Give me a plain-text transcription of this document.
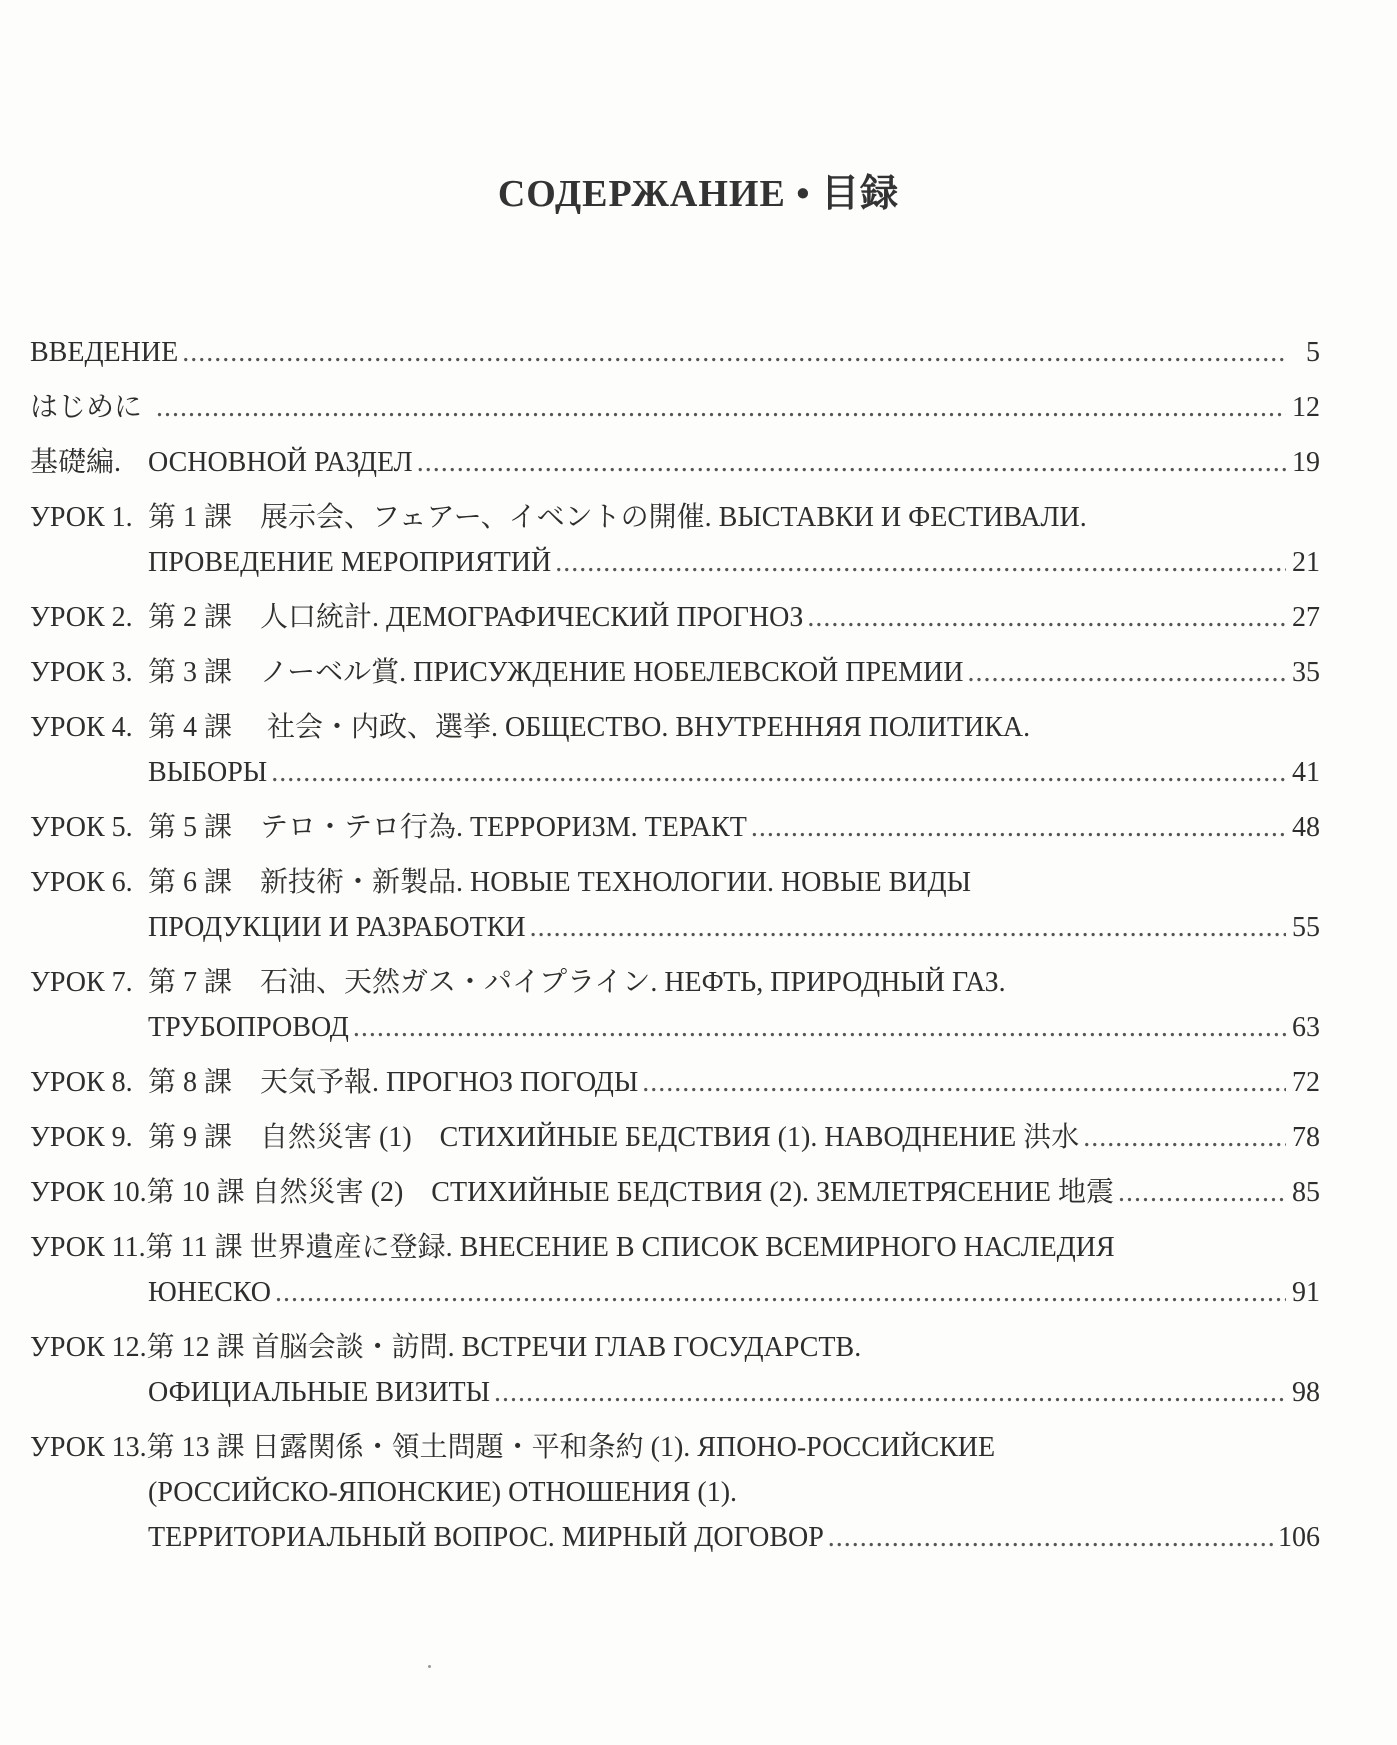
СОДЕРЖАНИЕ • 目録
ВВЕДЕНИЕ .....	5
はじめに .....	12
基礎編. ОСНОВНОЙ РАЗДЕЛ .....	19
УРОК 1. 第 1 課　展示会、フェアー、イベントの開催. ВЫСТАВКИ И ФЕСТИВАЛИ.
ПРОВЕДЕНИЕ МЕРОПРИЯТИЙ .....	21
УРОК 2. 第 2 課　人口統計. ДЕМОГРАФИЧЕСКИЙ ПРОГНОЗ .....	27
УРОК 3. 第 3 課　ノーベル賞. ПРИСУЖДЕНИЕ НОБЕЛЕВСКОЙ ПРЕМИИ .....	35
УРОК 4. 第 4 課　 社会・内政、選挙. ОБЩЕСТВО. ВНУТРЕННЯЯ ПОЛИТИКА.
ВЫБОРЫ .....	41
УРОК 5. 第 5 課　テロ・テロ行為. ТЕРРОРИЗМ. ТЕРАКТ .....	48
УРОК 6. 第 6 課　新技術・新製品. НОВЫЕ ТЕХНОЛОГИИ. НОВЫЕ ВИДЫ
ПРОДУКЦИИ И РАЗРАБОТКИ .....	55
УРОК 7. 第 7 課　石油、天然ガス・パイプライン. НЕФТЬ, ПРИРОДНЫЙ ГАЗ.
ТРУБОПРОВОД .....	63
УРОК 8. 第 8 課　天気予報. ПРОГНОЗ ПОГОДЫ .....	72
УРОК 9. 第 9 課　自然災害 (1)　СТИХИЙНЫЕ БЕДСТВИЯ (1). НАВОДНЕНИЕ 洪水 .....	78
УРОК 10. 第 10 課 自然災害 (2)　СТИХИЙНЫЕ БЕДСТВИЯ (2). ЗЕМЛЕТРЯСЕНИЕ 地震 .....	85
УРОК 11. 第 11 課 世界遺産に登録. ВНЕСЕНИЕ В СПИСОК ВСЕМИРНОГО НАСЛЕДИЯ
ЮНЕСКО .....	91
УРОК 12. 第 12 課 首脳会談・訪問. ВСТРЕЧИ ГЛАВ ГОСУДАРСТВ.
ОФИЦИАЛЬНЫЕ ВИЗИТЫ .....	98
УРОК 13. 第 13 課 日露関係・領土問題・平和条約 (1). ЯПОНО-РОССИЙСКИЕ
(РОССИЙСКО-ЯПОНСКИЕ) ОТНОШЕНИЯ (1).
ТЕРРИТОРИАЛЬНЫЙ ВОПРОС. МИРНЫЙ ДОГОВОР .....	106
